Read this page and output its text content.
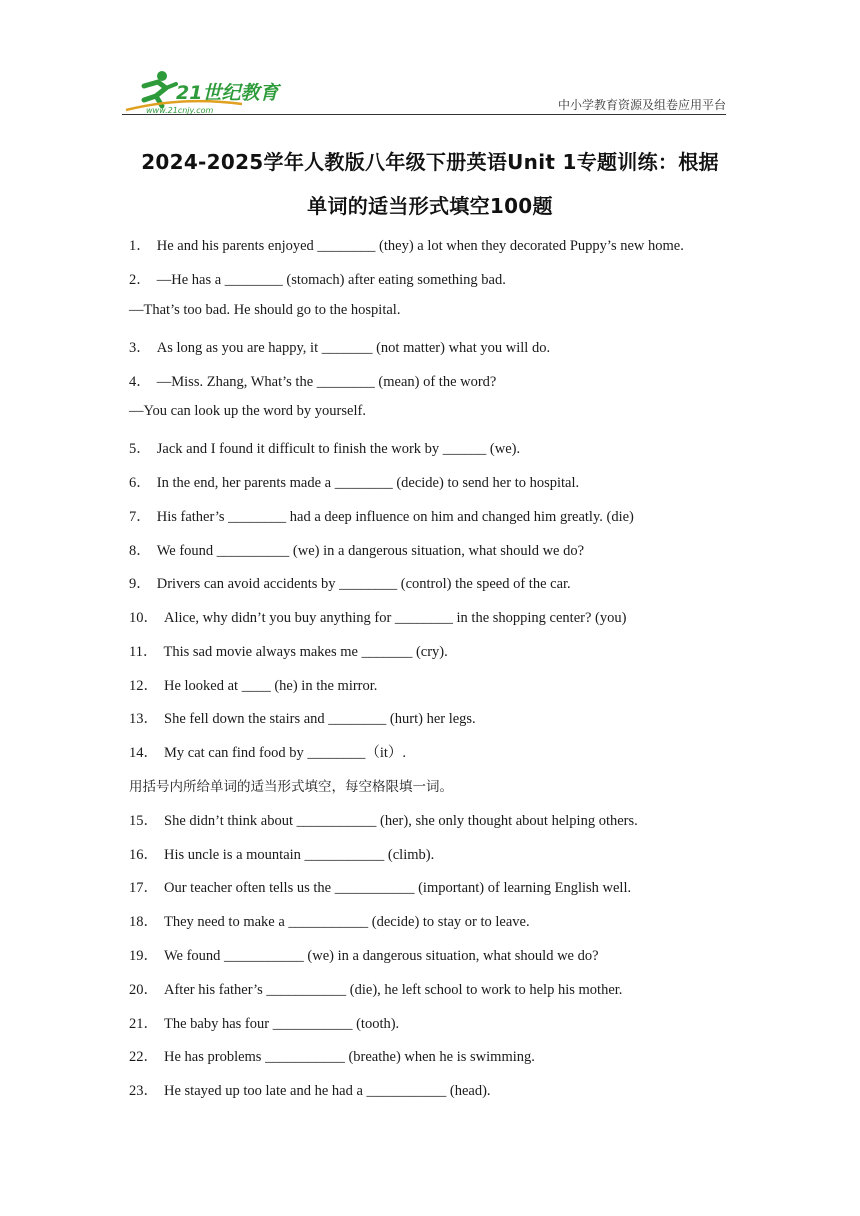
21世纪教育
www.21cnjy.com	中小学教育资源及组卷应用平台
2024-2025学年人教版八年级下册英语Unit 1专题训练：根据
单词的适当形式填空100题
1． He and his parents enjoyed ________ (they) a lot when they decorated Puppy’s new home.
2． —He has a ________ (stomach) after eating something bad.
—That’s too bad. He should go to the hospital.
3． As long as you are happy, it _______ (not matter) what you will do.
4． —Miss. Zhang, What’s the ________ (mean) of the word?
—You can look up the word by yourself.
5． Jack and I found it difficult to finish the work by ______ (we).
6． In the end, her parents made a ________ (decide) to send her to hospital.
7． His father’s ________ had a deep influence on him and changed him greatly. (die)
8． We found __________ (we) in a dangerous situation, what should we do?
9． Drivers can avoid accidents by ________ (control) the speed of the car.
10． Alice, why didn’t you buy anything for ________ in the shopping center? (you)
11． This sad movie always makes me _______ (cry).
12． He looked at ____ (he) in the mirror.
13． She fell down the stairs and ________ (hurt) her legs.
14． My cat can find food by ________（it）.
用括号内所给单词的适当形式填空，每空格限填一词。
15． She didn’t think about ___________ (her), she only thought about helping others.
16． His uncle is a mountain ___________ (climb).
17． Our teacher often tells us the ___________ (important) of learning English well.
18． They need to make a ___________ (decide) to stay or to leave.
19． We found ___________ (we) in a dangerous situation, what should we do?
20． After his father’s ___________ (die), he left school to work to help his mother.
21． The baby has four ___________ (tooth).
22． He has problems ___________ (breathe) when he is swimming.
23． He stayed up too late and he had a ___________ (head).
